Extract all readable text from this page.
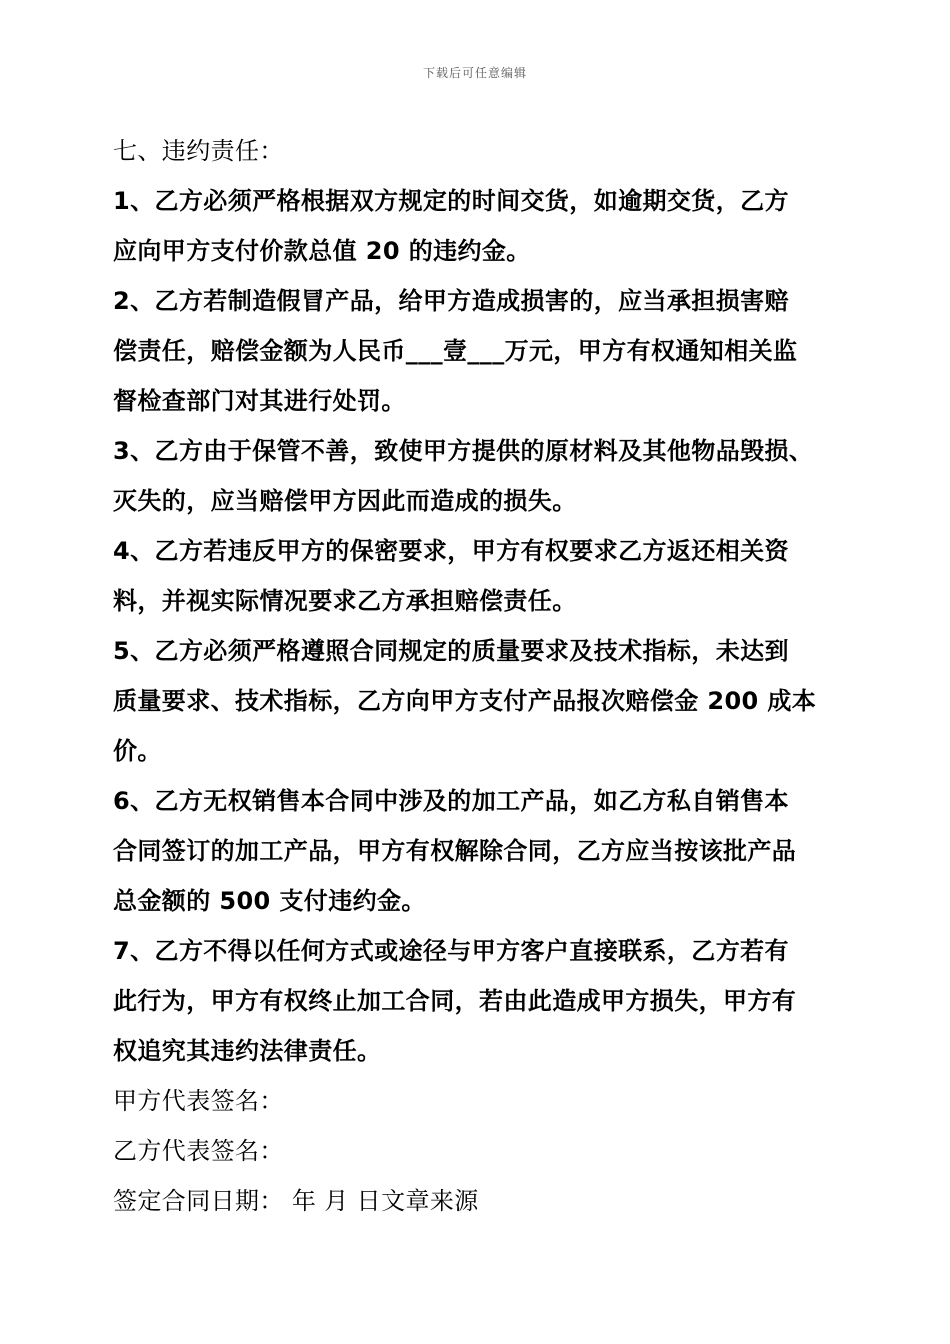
下载后可任意编辑
七、违约责任：
1、乙方必须严格根据双方规定的时间交货，如逾期交货，乙方
应向甲方支付价款总值 20 的违约金。
2、乙方若制造假冒产品，给甲方造成损害的，应当承担损害赔
偿责任，赔偿金额为人民币___壹___万元，甲方有权通知相关监
督检查部门对其进行处罚。
3、乙方由于保管不善，致使甲方提供的原材料及其他物品毁损、
灭失的，应当赔偿甲方因此而造成的损失。
4、乙方若违反甲方的保密要求，甲方有权要求乙方返还相关资
料，并视实际情况要求乙方承担赔偿责任。
5、乙方必须严格遵照合同规定的质量要求及技术指标，未达到
质量要求、技术指标，乙方向甲方支付产品报次赔偿金 200 成本
价。
6、乙方无权销售本合同中涉及的加工产品，如乙方私自销售本
合同签订的加工产品，甲方有权解除合同，乙方应当按该批产品
总金额的 500 支付违约金。
7、乙方不得以任何方式或途径与甲方客户直接联系，乙方若有
此行为，甲方有权终止加工合同，若由此造成甲方损失，甲方有
权追究其违约法律责任。
甲方代表签名：
乙方代表签名：
签定合同日期： 年 月 日文章来源
